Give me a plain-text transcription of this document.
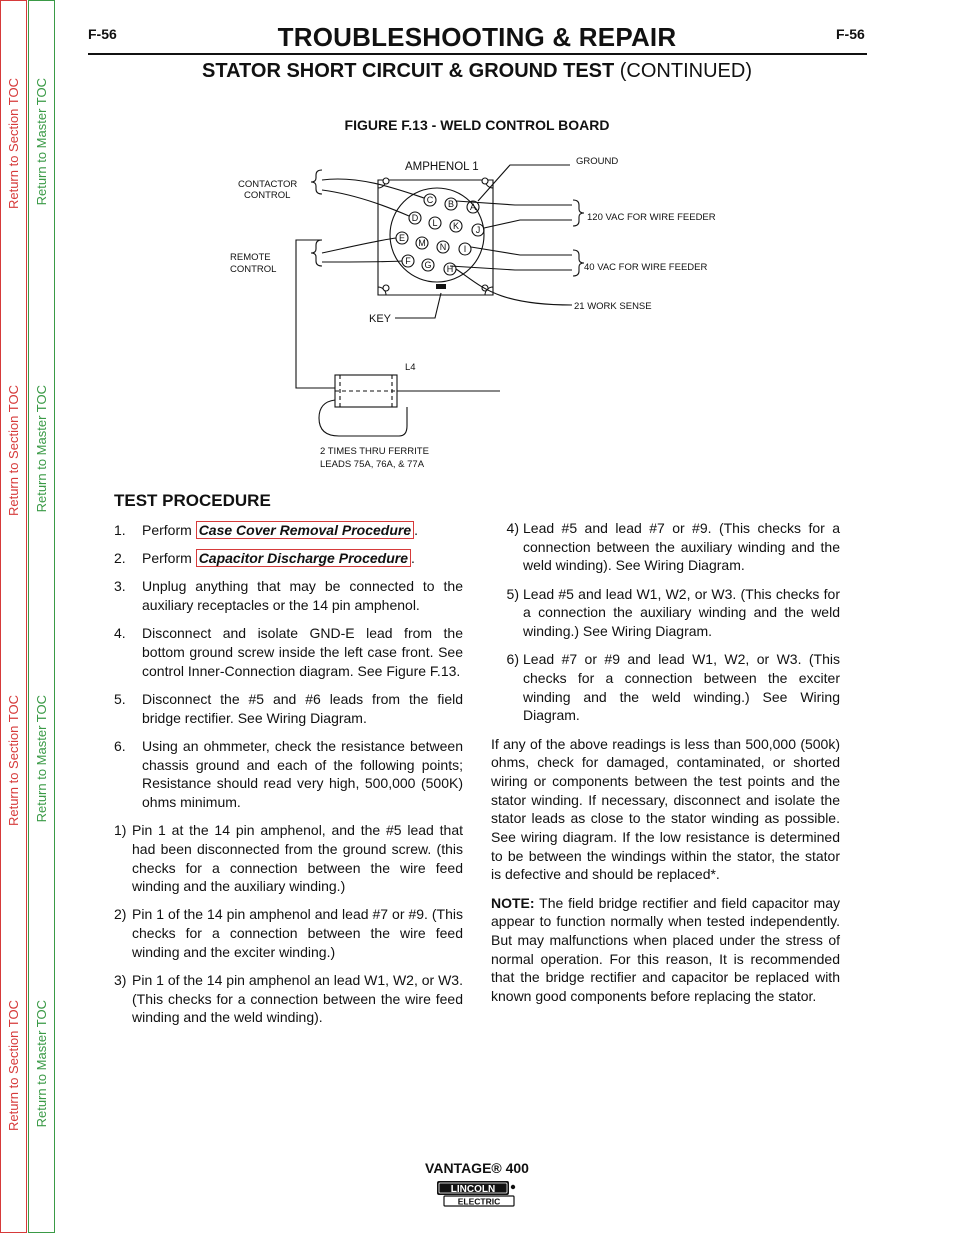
Return to Section TOC
Return to Section TOC
Return to Section TOC
Return to Section TOC
Return to Master TOC
Return to Master TOC
Return to Master TOC
Return to Master TOC
F-56	F-56
TROUBLESHOOTING & REPAIR
STATOR SHORT CIRCUIT & GROUND TEST (CONTINUED)
FIGURE F.13 - WELD CONTROL BOARD
AMPHENOL 1	GROUND
CONTACTOR
CONTROL
REMOTE
CONTROL
120 VAC FOR WIRE FEEDER
40 VAC FOR WIRE FEEDER
21 WORK SENSE
KEY
L4
2 TIMES THRU FERRITE
LEADS 75A, 76A, & 77A
C B A
D L K J
E M N I
F G H
TEST PROCEDURE

1.	Perform Case Cover Removal Procedure .

2.	Perform Capacitor Discharge Procedure .

3.	Unplug anything that may be connected to the auxiliary receptacles or the 14 pin amphenol.

4.	Disconnect and isolate GND-E lead from the bottom ground screw inside the left case front. See control Inner-Connection diagram. See Figure F.13.

5.	Disconnect the #5 and #6 leads from the field bridge rectifier. See Wiring Diagram.

6.	Using an ohmmeter, check the resistance between chassis ground and each of the following points; Resistance should read very high, 500,000 (500K) ohms minimum.

1) Pin 1 at the 14 pin amphenol, and the #5 lead that had been disconnected from the ground screw. (this checks for a connection between the wire feed winding and the auxiliary winding.)

2) Pin 1 of the 14 pin amphenol and lead #7 or #9. (This checks for a connection between the wire feed winding and the exciter winding.)

3) Pin 1 of the 14 pin amphenol an lead W1, W2, or W3. (This checks for a connection between the wire feed winding and the weld winding).

4) Lead #5 and lead #7 or #9. (This checks for a connection between the auxiliary winding and the weld winding). See Wiring Diagram.

5) Lead #5 and lead W1, W2, or W3. (This checks for a connection the auxiliary winding and the weld winding.) See Wiring Diagram.

6) Lead #7 or #9 and lead W1, W2, or W3. (This checks for a connection between the exciter winding and the weld winding.) See Wiring Diagram.

If any of the above readings is less than 500,000 (500k) ohms, check for damaged, contaminated, or shorted wiring or components between the test points and the stator winding. If necessary, disconnect and isolate the stator leads as close to the stator winding as possible. See wiring diagram. If the low resistance is determined to be between the windings within the stator, the stator is defective and should be replaced*.

NOTE: The field bridge rectifier and field capacitor may appear to function normally when tested independently. But may malfunctions when placed under the stress of normal operation. For this reason, It is recommended that the bridge rectifier and capacitor be replaced with known good components before replacing the stator.

VANTAGE® 400
LINCOLN
ELECTRIC
